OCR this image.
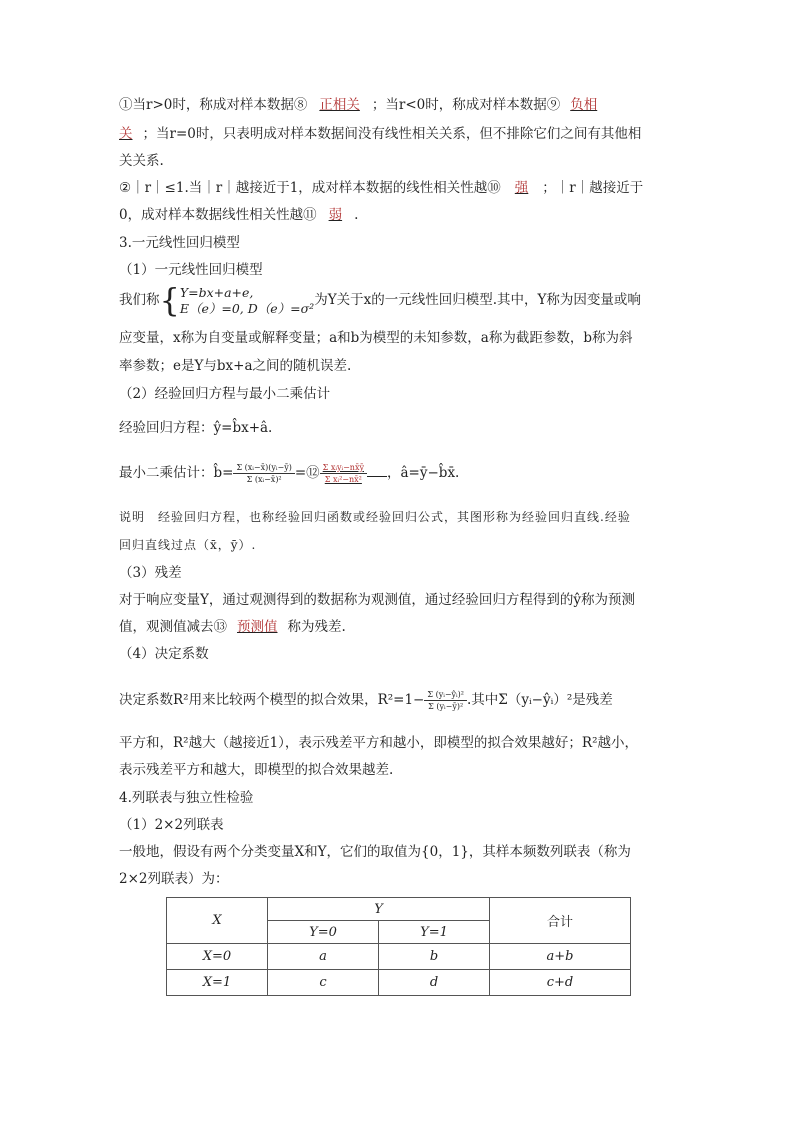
①当r>0时，称成对样本数据⑧ 正相关 ；当r<0时，称成对样本数据⑨ 负相
关 ；当r=0时，只表明成对样本数据间没有线性相关关系，但不排除它们之间有其他相
关关系.
②｜r｜≤1.当｜r｜越接近于1，成对样本数据的线性相关性越⑩ 强 ；｜r｜越接近于
0，成对样本数据线性相关性越⑪ 弱 .
3.一元线性回归模型
（1）一元线性回归模型
我们称{ Y=bx+a+e,
E（e）=0, D（e）=σ² 为Y关于x的一元线性回归模型.其中，Y称为因变量或响
应变量，x称为自变量或解释变量；a和b为模型的未知参数，a称为截距参数，b称为斜
率参数；e是Y与bx+a之间的随机误差.
（2）经验回归方程与最小二乘估计
经验回归方程：ŷ=b̂x+â.
最小二乘估计：b̂= $\frac{\text{Σ (xᵢ−x̄)(yᵢ−ȳ)}}{\text{Σ (xᵢ−x̄)²}}$ =⑫ $\frac{\text{Σ xᵢyᵢ−nx̄ȳ}}{\text{Σ xᵢ²−nx̄²}}$ ，â=ȳ−b̂x̄.
说明　经验回归方程，也称经验回归函数或经验回归公式，其图形称为经验回归直线.经验
回归直线过点（x̄，ȳ）.
（3）残差
对于响应变量Y，通过观测得到的数据称为观测值，通过经验回归方程得到的ŷ称为预测
值，观测值减去⑬ 预测值 称为残差.
（4）决定系数
决定系数R²用来比较两个模型的拟合效果，$R^2=1- \frac{\text{Σ (yᵢ−ŷᵢ)²}}{\text{Σ (yᵢ−ȳ)²}}$ .其中Σ（yᵢ−ŷᵢ）²是残差
平方和，R²越大（越接近1），表示残差平方和越小，即模型的拟合效果越好；R²越小，
表示残差平方和越大，即模型的拟合效果越差.
4.列联表与独立性检验
（1）2×2列联表
一般地，假设有两个分类变量X和Y，它们的取值为{0，1}，其样本频数列联表（称为
2×2列联表）为：
X	Y		合计
	Y=0	Y=1	
X=0	a	b	a+b
X=1	c	d	c+d
